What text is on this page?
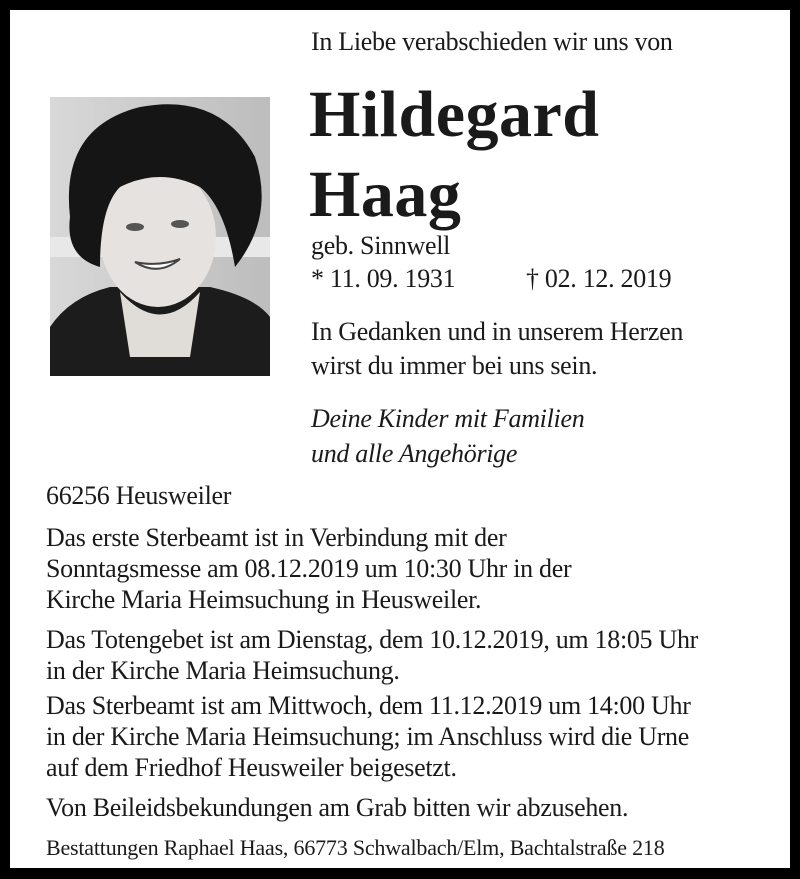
In Liebe verabschieden wir uns von
Hildegard
Haag
geb. Sinnwell
* 11. 09. 1931	† 02. 12. 2019
In Gedanken und in unserem Herzen
wirst du immer bei uns sein.
Deine Kinder mit Familien
und alle Angehörige
66256 Heusweiler
Das erste Sterbeamt ist in Verbindung mit der
Sonntagsmesse am 08.12.2019 um 10:30 Uhr in der
Kirche Maria Heimsuchung in Heusweiler.
Das Totengebet ist am Dienstag, dem 10.12.2019, um 18:05 Uhr
in der Kirche Maria Heimsuchung.
Das Sterbeamt ist am Mittwoch, dem 11.12.2019 um 14:00 Uhr
in der Kirche Maria Heimsuchung; im Anschluss wird die Urne
auf dem Friedhof Heusweiler beigesetzt.
Von Beileidsbekundungen am Grab bitten wir abzusehen.
Bestattungen Raphael Haas, 66773 Schwalbach/Elm, Bachtalstraße 218
